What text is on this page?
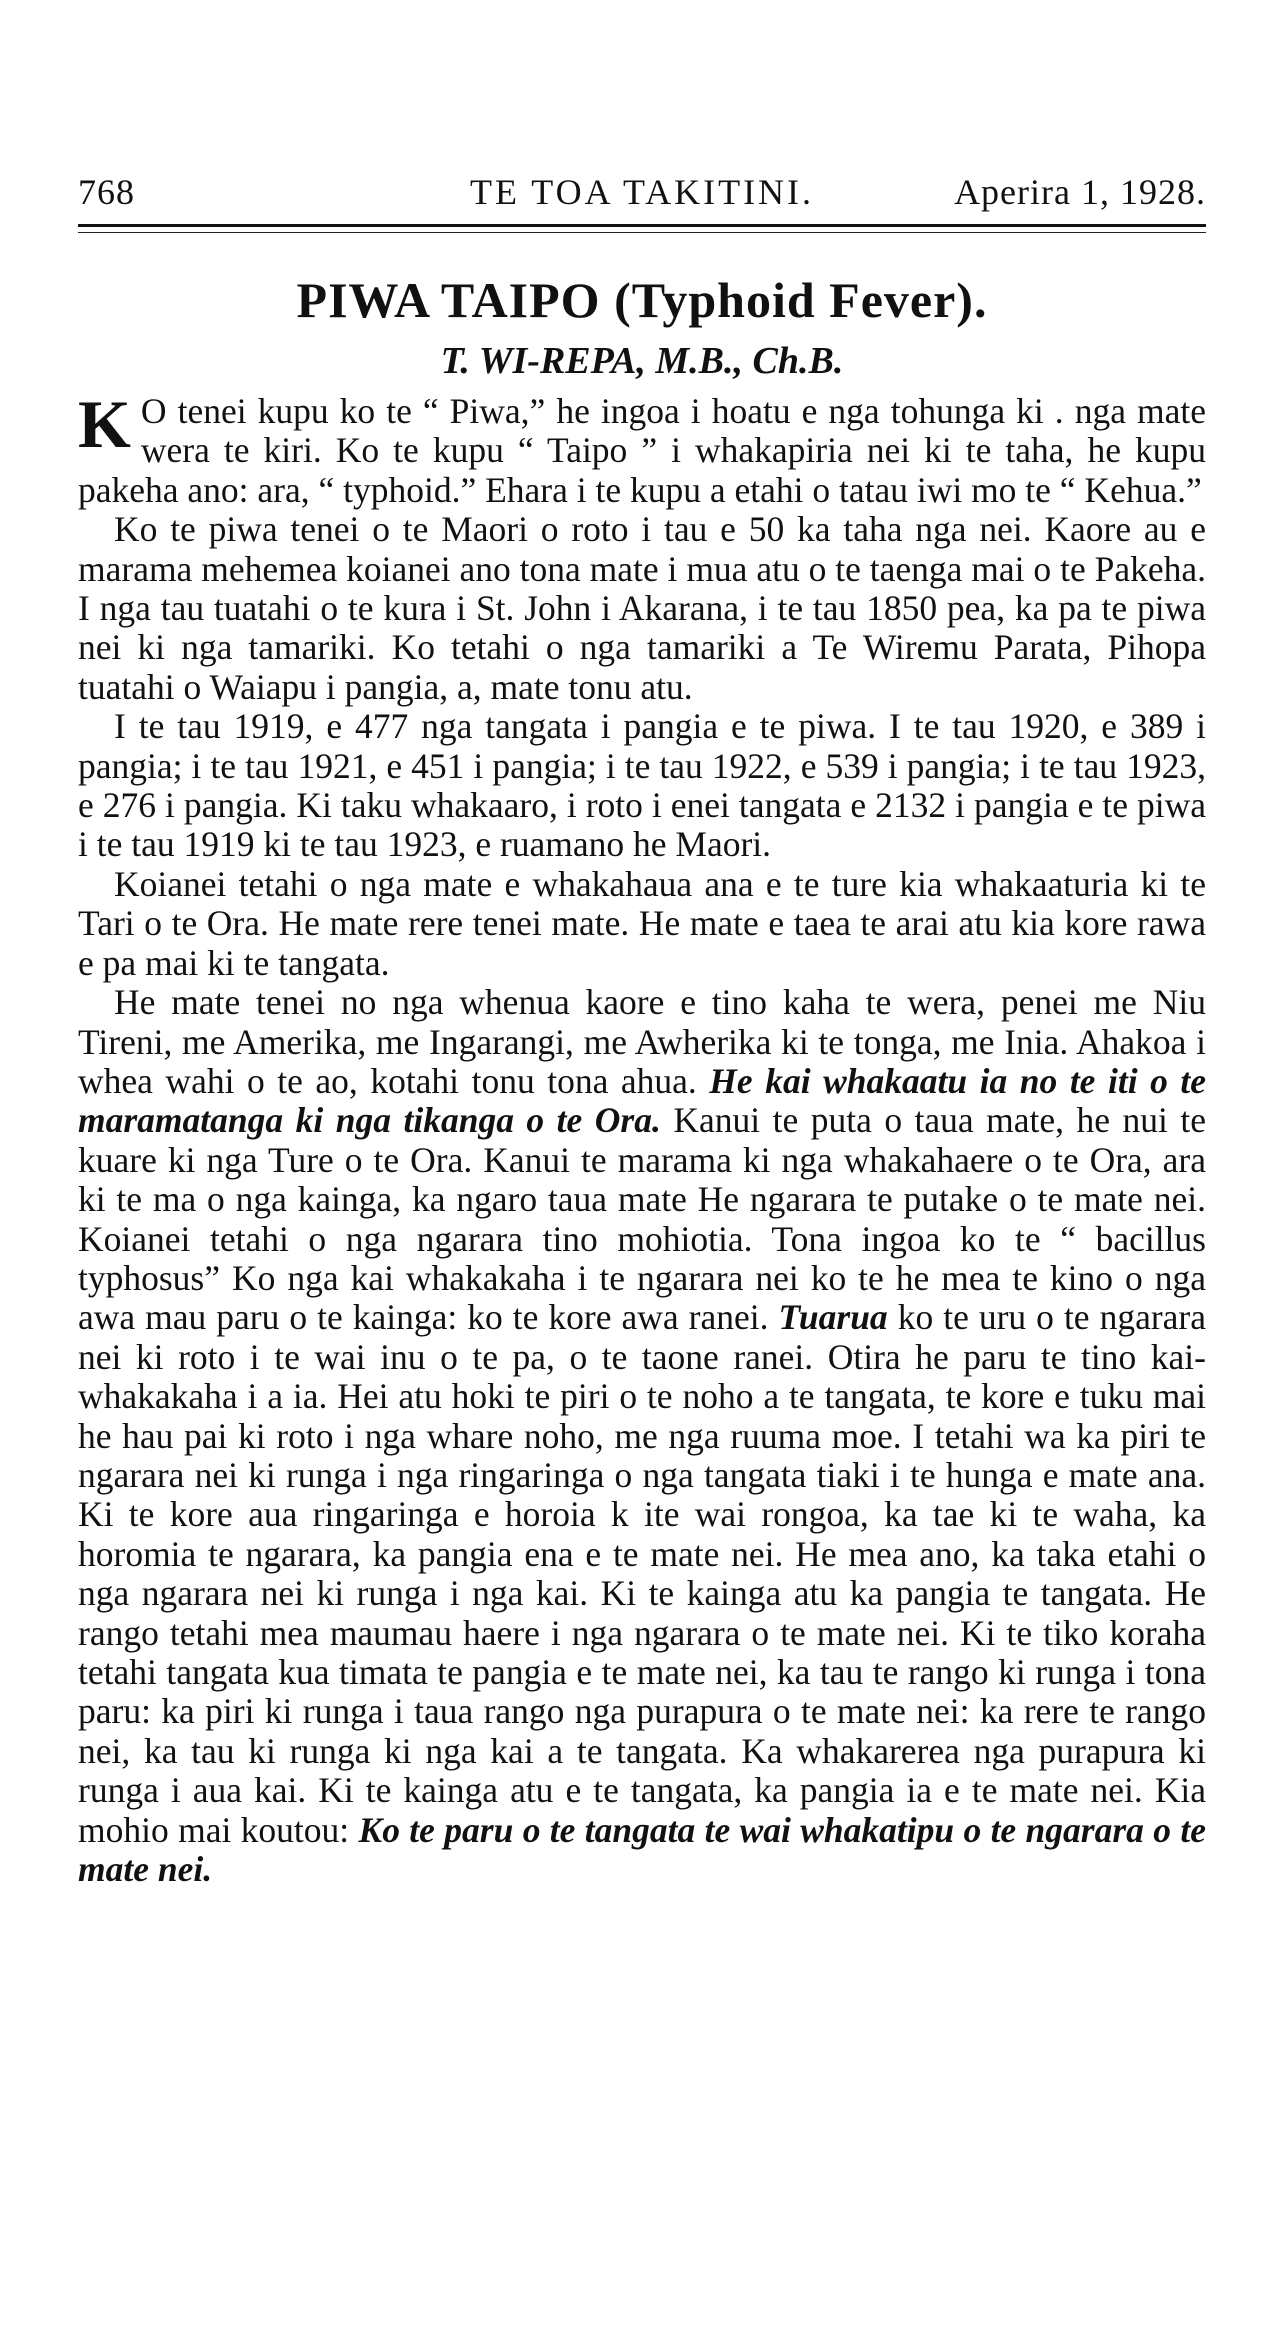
768	TE TOA TAKITINI.	Aperira 1, 1928.
PIWA TAIPO (Typhoid Fever).
T. WI-REPA, M.B., Ch.B.

K O tenei kupu ko te “ Piwa,” he ingoa i hoatu e nga tohunga ki . nga mate wera te kiri. Ko te kupu “ Taipo ” i whakapiria nei ki te taha, he kupu pakeha ano: ara, “ typhoid.” Ehara i te kupu a etahi o tatau iwi mo te “ Kehua.”

Ko te piwa tenei o te Maori o roto i tau e 50 ka taha nga nei. Kaore au e marama mehemea koianei ano tona mate i mua atu o te taenga mai o te Pakeha. I nga tau tuatahi o te kura i St. John i Akarana, i te tau 1850 pea, ka pa te piwa nei ki nga tamariki. Ko tetahi o nga tamariki a Te Wiremu Parata, Pihopa tuatahi o Waiapu i pangia, a, mate tonu atu.

I te tau 1919, e 477 nga tangata i pangia e te piwa. I te tau 1920, e 389 i pangia; i te tau 1921, e 451 i pangia; i te tau 1922, e 539 i pangia; i te tau 1923, e 276 i pangia. Ki taku whakaaro, i roto i enei tangata e 2132 i pangia e te piwa i te tau 1919 ki te tau 1923, e ruamano he Maori.

Koianei tetahi o nga mate e whakahaua ana e te ture kia whakaaturia ki te Tari o te Ora. He mate rere tenei mate. He mate e taea te arai atu kia kore rawa e pa mai ki te tangata.

He mate tenei no nga whenua kaore e tino kaha te wera, penei me Niu Tireni, me Amerika, me Ingarangi, me Awherika ki te tonga, me Inia. Ahakoa i whea wahi o te ao, kotahi tonu tona ahua. He kai whakaatu ia no te iti o te maramatanga ki nga tikanga o te Ora. Kanui te puta o taua mate, he nui te kuare ki nga Ture o te Ora. Kanui te marama ki nga whakahaere o te Ora, ara ki te ma o nga kainga, ka ngaro taua mate He ngarara te putake o te mate nei. Koianei tetahi o nga ngarara tino mohiotia. Tona ingoa ko te “ bacillus typhosus” Ko nga kai whakakaha i te ngarara nei ko te he mea te kino o nga awa mau paru o te kainga: ko te kore awa ranei. Tuarua ko te uru o te ngarara nei ki roto i te wai inu o te pa, o te taone ranei. Otira he paru te tino kai-whakakaha i a ia. Hei atu hoki te piri o te noho a te tangata, te kore e tuku mai he hau pai ki roto i nga whare noho, me nga ruuma moe. I tetahi wa ka piri te ngarara nei ki runga i nga ringaringa o nga tangata tiaki i te hunga e mate ana. Ki te kore aua ringaringa e horoia k ite wai rongoa, ka tae ki te waha, ka horomia te ngarara, ka pangia ena e te mate nei. He mea ano, ka taka etahi o nga ngarara nei ki runga i nga kai. Ki te kainga atu ka pangia te tangata. He rango tetahi mea maumau haere i nga ngarara o te mate nei. Ki te tiko koraha tetahi tangata kua timata te pangia e te mate nei, ka tau te rango ki runga i tona paru: ka piri ki runga i taua rango nga purapura o te mate nei: ka rere te rango nei, ka tau ki runga ki nga kai a te tangata. Ka whakarerea nga purapura ki runga i aua kai. Ki te kainga atu e te tangata, ka pangia ia e te mate nei. Kia mohio mai koutou: Ko te paru o te tangata te wai whakatipu o te ngarara o te mate nei.
